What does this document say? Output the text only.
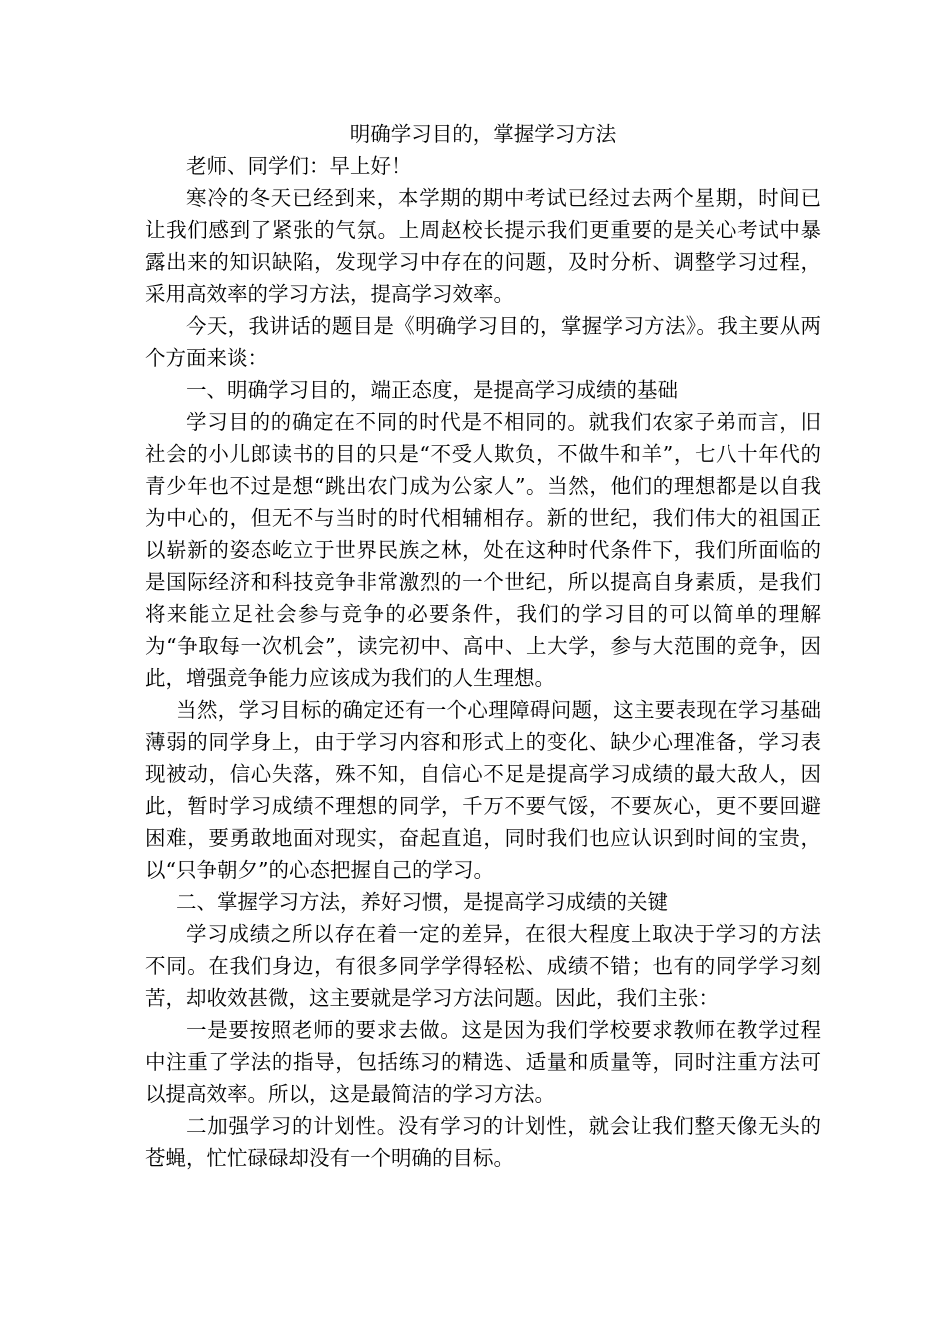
明确学习目的，掌握学习方法

老师、同学们：早上好！

寒冷的冬天已经到来，本学期的期中考试已经过去两个星期，时间已让我们感到了紧张的气氛。上周赵校长提示我们更重要的是关心考试中暴露出来的知识缺陷，发现学习中存在的问题，及时分析、调整学习过程，采用高效率的学习方法，提高学习效率。

今天，我讲话的题目是《明确学习目的，掌握学习方法》。我主要从两个方面来谈：

一、明确学习目的，端正态度，是提高学习成绩的基础

学习目的的确定在不同的时代是不相同的。就我们农家子弟而言，旧社会的小儿郎读书的目的只是“不受人欺负，不做牛和羊”，七八十年代的青少年也不过是想“跳出农门成为公家人”。当然，他们的理想都是以自我为中心的，但无不与当时的时代相辅相存。新的世纪，我们伟大的祖国正以崭新的姿态屹立于世界民族之林，处在这种时代条件下，我们所面临的是国际经济和科技竞争非常激烈的一个世纪，所以提高自身素质，是我们将来能立足社会参与竞争的必要条件，我们的学习目的可以简单的理解为“争取每一次机会”，读完初中、高中、上大学，参与大范围的竞争，因此，增强竞争能力应该成为我们的人生理想。

当然，学习目标的确定还有一个心理障碍问题，这主要表现在学习基础薄弱的同学身上，由于学习内容和形式上的变化、缺少心理准备，学习表现被动，信心失落，殊不知，自信心不足是提高学习成绩的最大敌人，因此，暂时学习成绩不理想的同学，千万不要气馁，不要灰心，更不要回避困难，要勇敢地面对现实，奋起直追，同时我们也应认识到时间的宝贵，以“只争朝夕”的心态把握自己的学习。

二、掌握学习方法，养好习惯，是提高学习成绩的关键

学习成绩之所以存在着一定的差异，在很大程度上取决于学习的方法不同。在我们身边，有很多同学学得轻松、成绩不错；也有的同学学习刻苦，却收效甚微，这主要就是学习方法问题。因此，我们主张：

一是要按照老师的要求去做。这是因为我们学校要求教师在教学过程中注重了学法的指导，包括练习的精选、适量和质量等，同时注重方法可以提高效率。所以，这是最简洁的学习方法。

二加强学习的计划性。没有学习的计划性，就会让我们整天像无头的苍蝇，忙忙碌碌却没有一个明确的目标。
